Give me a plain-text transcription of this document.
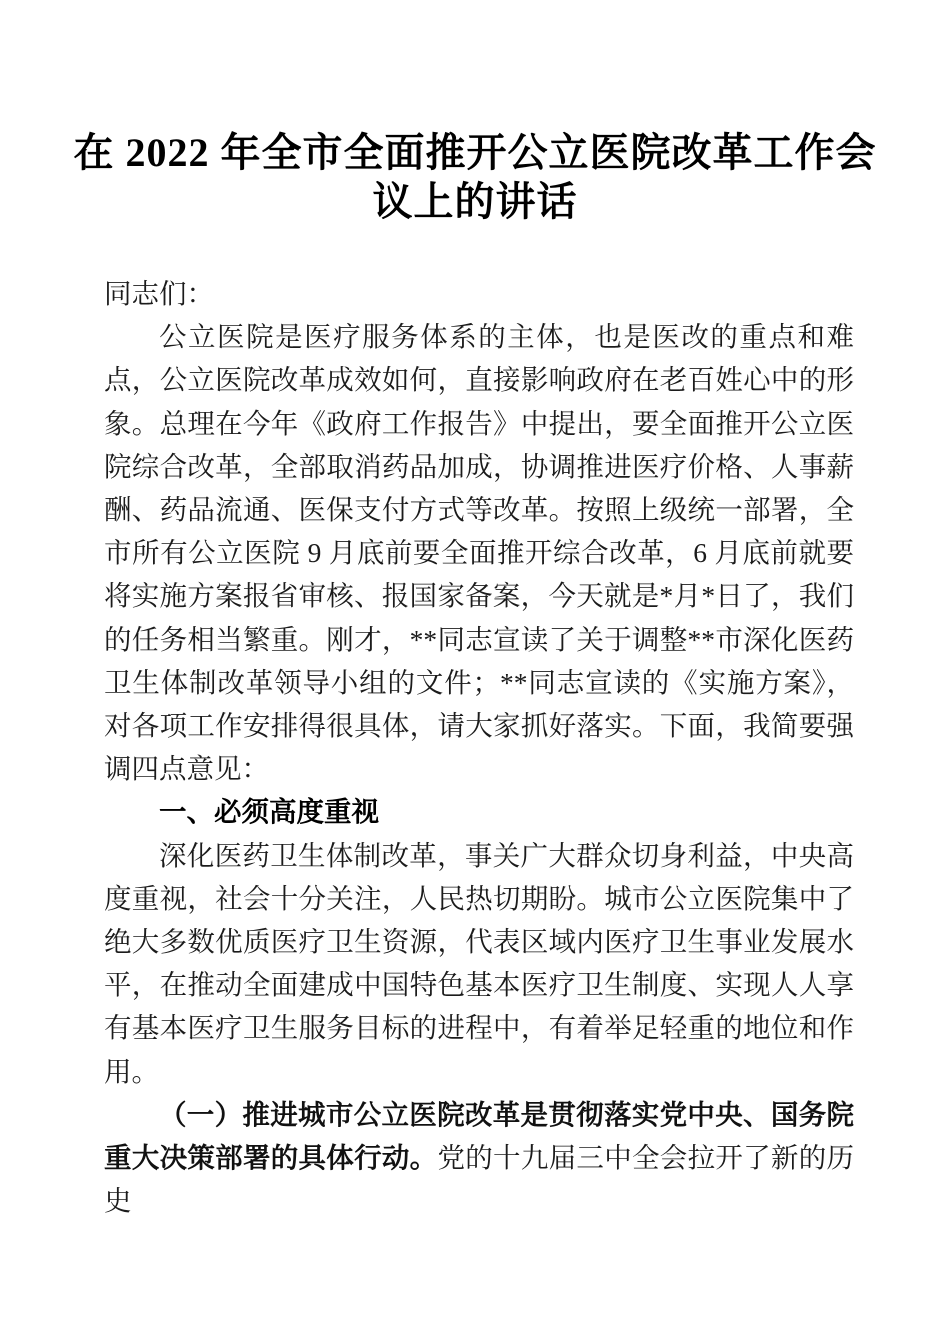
在 2022 年全市全面推开公立医院改革工作会
议上的讲话

同志们：

公立医院是医疗服务体系的主体，也是医改的重点和难点，公立医院改革成效如何，直接影响政府在老百姓心中的形象。总理在今年《政府工作报告》中提出，要全面推开公立医院综合改革，全部取消药品加成，协调推进医疗价格、人事薪酬、药品流通、医保支付方式等改革。按照上级统一部署，全市所有公立医院 9 月底前要全面推开综合改革，6 月底前就要将实施方案报省审核、报国家备案，今天就是*月*日了，我们的任务相当繁重。刚才，**同志宣读了关于调整**市深化医药卫生体制改革领导小组的文件；**同志宣读的《实施方案》，对各项工作安排得很具体，请大家抓好落实。下面，我简要强调四点意见：

一、必须高度重视

深化医药卫生体制改革，事关广大群众切身利益，中央高度重视，社会十分关注，人民热切期盼。城市公立医院集中了绝大多数优质医疗卫生资源，代表区域内医疗卫生事业发展水平，在推动全面建成中国特色基本医疗卫生制度、实现人人享有基本医疗卫生服务目标的进程中，有着举足轻重的地位和作用。

（一）推进城市公立医院改革是贯彻落实党中央、国务院重大决策部署的具体行动。党的十九届三中全会拉开了新的历史
